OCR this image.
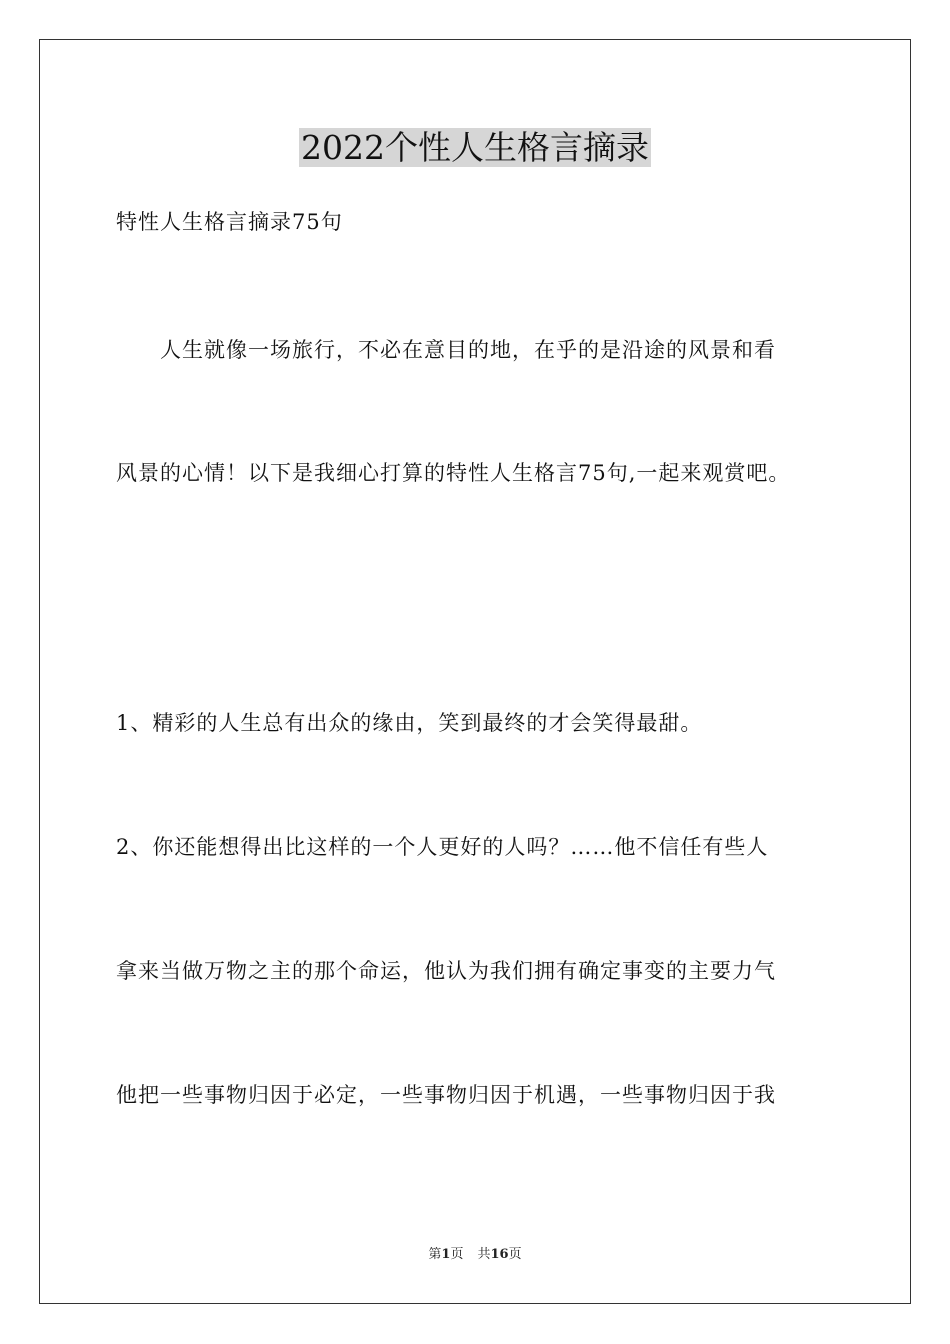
2022个性人生格言摘录
特性人生格言摘录75句
人生就像一场旅行，不必在意目的地，在乎的是沿途的风景和看
风景的心情！以下是我细心打算的特性人生格言75句,一起来观赏吧。
1、精彩的人生总有出众的缘由，笑到最终的才会笑得最甜。
2、你还能想得出比这样的一个人更好的人吗？……他不信任有些人
拿来当做万物之主的那个命运，他认为我们拥有确定事变的主要力气
他把一些事物归因于必定，一些事物归因于机遇，一些事物归因于我
第1页 共16页
